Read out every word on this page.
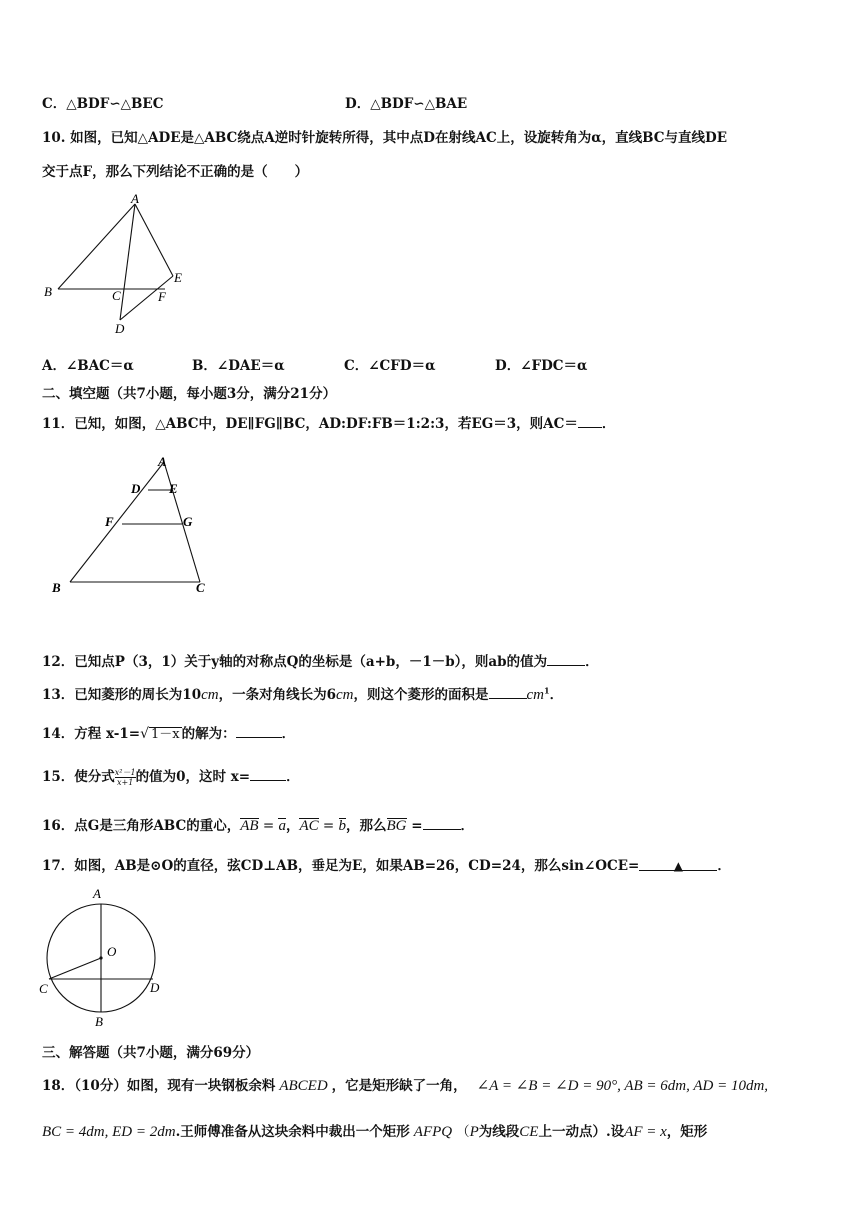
C．△BDF∽△BEC	D．△BDF∽△BAE
10. 如图，已知△ADE是△ABC绕点A逆时针旋转所得，其中点D在射线AC上，设旋转角为α，直线BC与直线DE
交于点F，那么下列结论不正确的是（　　）
A
B	C
D
E
F
A．∠BAC＝α	B．∠DAE＝α	C．∠CFD＝α	D．∠FDC＝α
二、填空题（共7小题，每小题3分，满分21分）
11．已知，如图，△ABC中，DE∥FG∥BC，AD:DF:FB＝1:2:3，若EG＝3，则AC＝ ．
A
D E
F	G
B	C
12．已知点P（3，1）关于y轴的对称点Q的坐标是（a+b，－1－b），则ab的值为	．
13．已知菱形的周长为10cm，一条对角线长为6cm，则这个菱形的面积是	$cm^1$．
14．方程 x-1=√ 1－x 的解为：	．
15．使分式$\frac{\text{x²－1}}{x+1}$ 的值为0，这时 x=	．
16．点G是三角形ABC的重心，AB = a，AC = b，那么BG =	．
17．如图，AB是⊙O的直径，弦CD⊥AB，垂足为E，如果AB=26，CD=24，那么sin∠OCE=	▲	．
A
O
C	D
B
三、解答题（共7小题，满分69分）
18．（10分）如图，现有一块钢板余料 ABCED ，它是矩形缺了一角， ∠A = ∠B = ∠D = 90°, AB = 6dm, AD = 10dm,
BC = 4dm, ED = 2dm.王师傅准备从这块余料中裁出一个矩形 AFPQ （P为线段CE上一动点）.设AF = x，矩形
